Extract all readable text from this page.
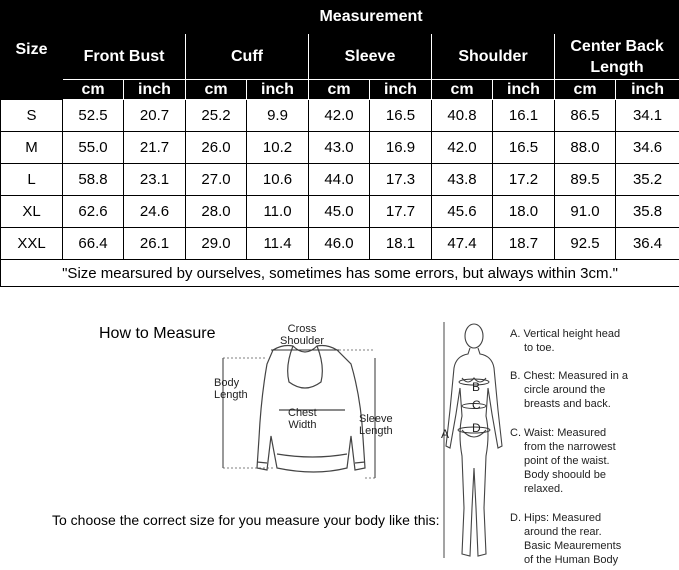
Size	Measurement									
	Front Bust		Cuff		Sleeve		Shoulder		Center Back Length	
	cm	inch	cm	inch	cm	inch	cm	inch	cm	inch
S	52.5	20.7	25.2	9.9	42.0	16.5	40.8	16.1	86.5	34.1
M	55.0	21.7	26.0	10.2	43.0	16.9	42.0	16.5	88.0	34.6
L	58.8	23.1	27.0	10.6	44.0	17.3	43.8	17.2	89.5	35.2
XL	62.6	24.6	28.0	11.0	45.0	17.7	45.6	18.0	91.0	35.8
XXL	66.4	26.1	29.0	11.4	46.0	18.1	47.4	18.7	92.5	36.4
"Size mearsured by ourselves, sometimes has some errors, but always within 3cm."										
How to Measure
To choose the correct size for you measure your body like this:
Cross
Shoulder
Body
Length
Chest
Width	Sleeve
Length	A
B
C
D
A. Vertical height head
to toe.
B. Chest: Measured in a
circle around the
breasts and back.
C. Waist: Measured
from the narrowest
point of the waist.
Body shoould be
relaxed.
D. Hips: Measured
around the rear.
Basic Meaurements
of the Human Body
